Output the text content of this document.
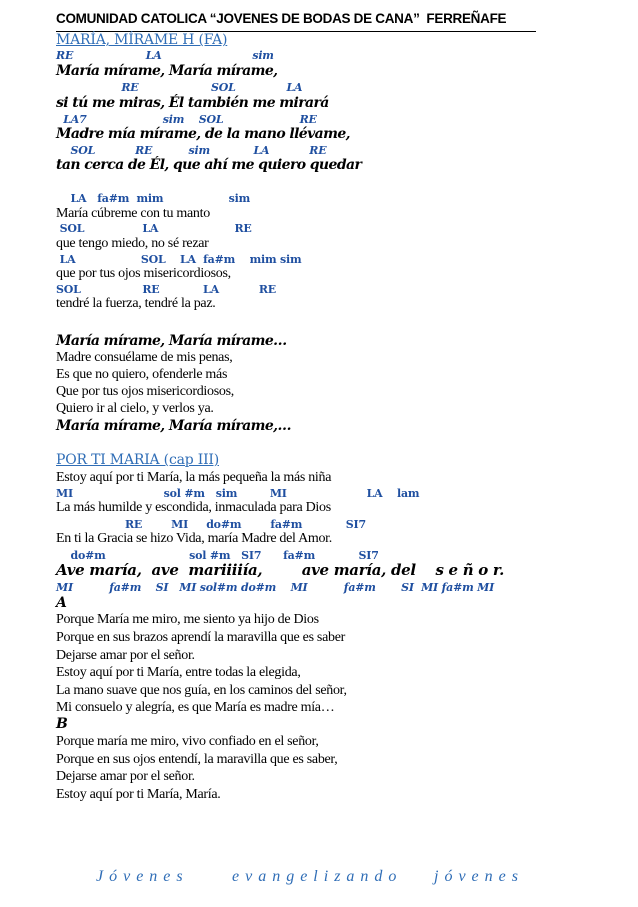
COMUNIDAD CATOLICA “JOVENES DE BODAS DE CANA”  FERREÑAFE
MARÍA, MÍRAME H (FA)
RE                    LA                         sim
María mírame, María mírame,
RE                    SOL              LA
si tú me miras, Él también me mirará
LA7                     sim    SOL                     RE
Madre mía mírame, de la mano llévame,
SOL           RE          sim            LA           RE
tan cerca de Él, que ahí me quiero quedar
LA   fa#m  mim                  sim
María cúbreme con tu manto
SOL                LA                     RE
que tengo miedo, no sé rezar
LA                  SOL    LA  fa#m    mim sim
que por tus ojos misericordiosos,
SOL                 RE            LA           RE
tendré la fuerza, tendré la paz.
María mírame, María mírame…
Madre consuélame de mis penas,
Es que no quiero, ofenderle más
Que por tus ojos misericordiosos,
Quiero ir al cielo, y verlos ya.
María mírame, María mírame,…
POR TI MARIA (cap III)
Estoy aquí por ti María, la más pequeña la más niña
MI                         sol #m   sim         MI                      LA    lam
La más humilde y escondida, inmaculada para Dios
RE        MI     do#m        fa#m            SI7
En ti la Gracia se hizo Vida, maría Madre del Amor.
do#m                       sol #m   SI7      fa#m            SI7
Ave maría,  ave  mariiiiía,        ave maría, del    s e ñ o r.
MI          fa#m    SI   MI sol#m do#m    MI          fa#m       SI  MI fa#m MI
A
Porque María me miro, me siento ya hijo de Dios
Porque en sus brazos aprendí la maravilla que es saber
Dejarse amar por el señor.
Estoy aquí por ti María, entre todas la elegida,
La mano suave que nos guía, en los caminos del señor,
Mi consuelo y alegría, es que María es madre mía…
B
Porque maría me miro, vivo confiado en el señor,
Porque en sus ojos entendí, la maravilla que es saber,
Dejarse amar por el señor.
Estoy aquí por ti María, María.
Jóvenes	evangelizando jóvenes
